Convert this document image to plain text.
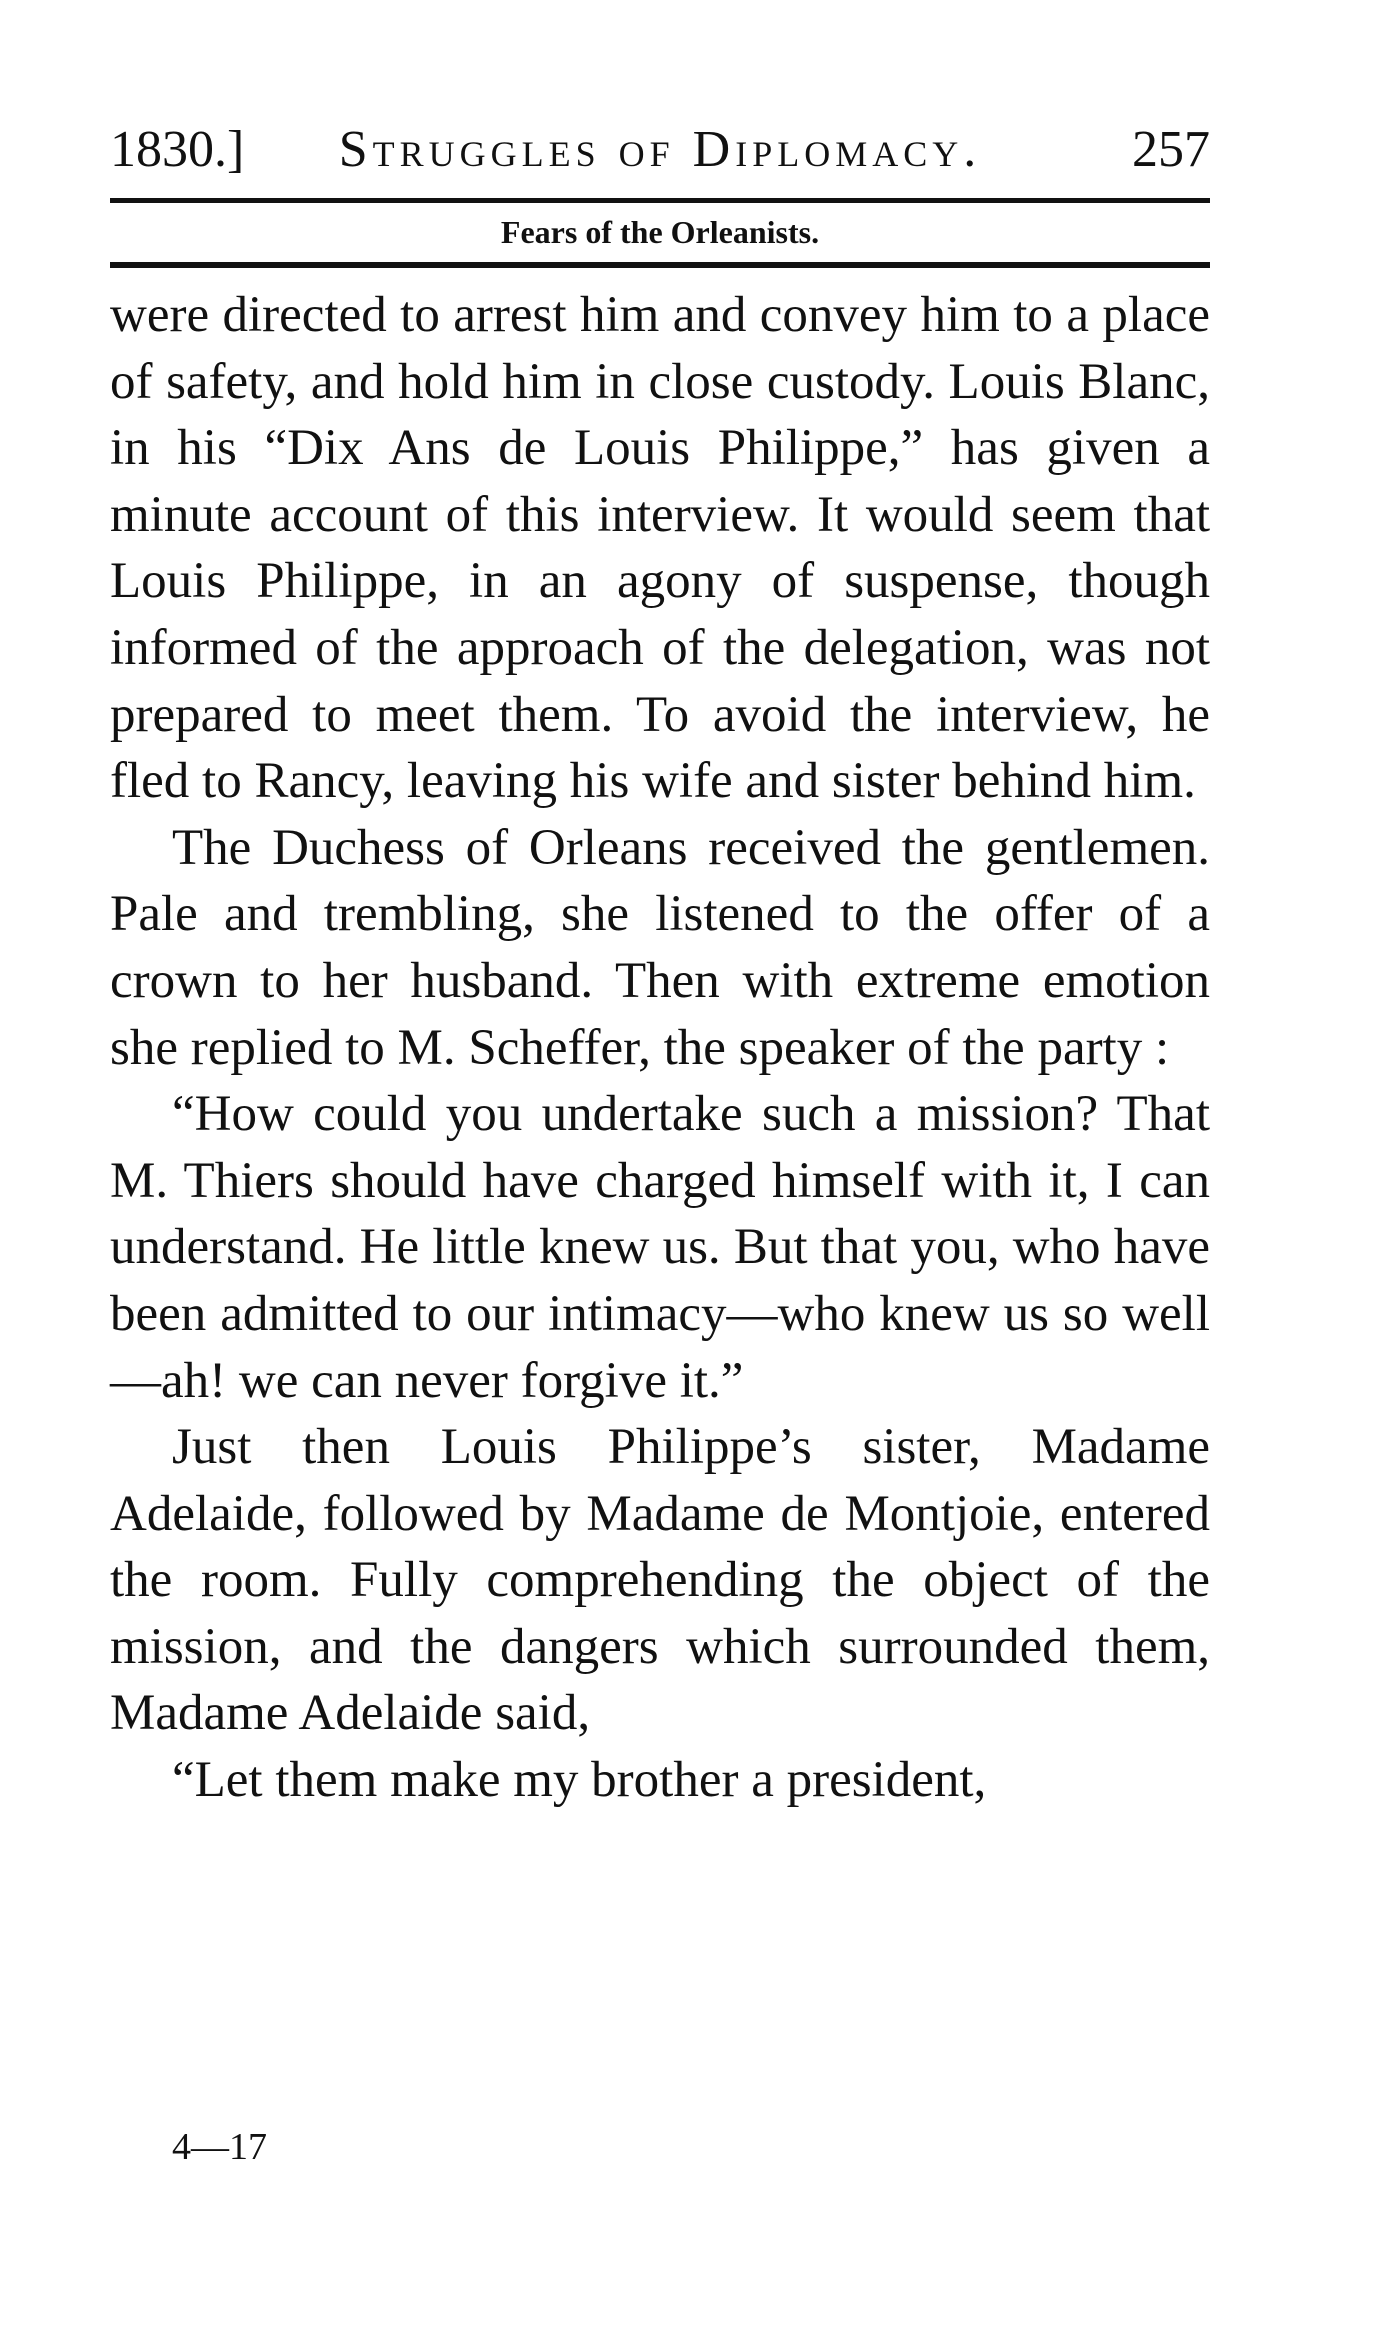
1830.]	Struggles of Diplomacy.	257
Fears of the Orleanists.

were directed to arrest him and convey him to a place of safety, and hold him in close custody. Louis Blanc, in his “Dix Ans de Louis Philippe,” has given a minute account of this interview. It would seem that Louis Philippe, in an agony of suspense, though informed of the approach of the delegation, was not prepared to meet them. To avoid the interview, he fled to Rancy, leaving his wife and sister behind him.

The Duchess of Orleans received the gentlemen. Pale and trembling, she listened to the offer of a crown to her husband. Then with extreme emotion she replied to M. Scheffer, the speaker of the party :

“How could you undertake such a mission? That M. Thiers should have charged himself with it, I can understand. He little knew us. But that you, who have been admitted to our intimacy—who knew us so well—ah! we can never forgive it.”

Just then Louis Philippe’s sister, Madame Adelaide, followed by Madame de Montjoie, entered the room. Fully comprehending the object of the mission, and the dangers which surrounded them, Madame Adelaide said,

“Let them make my brother a president,

4—17
